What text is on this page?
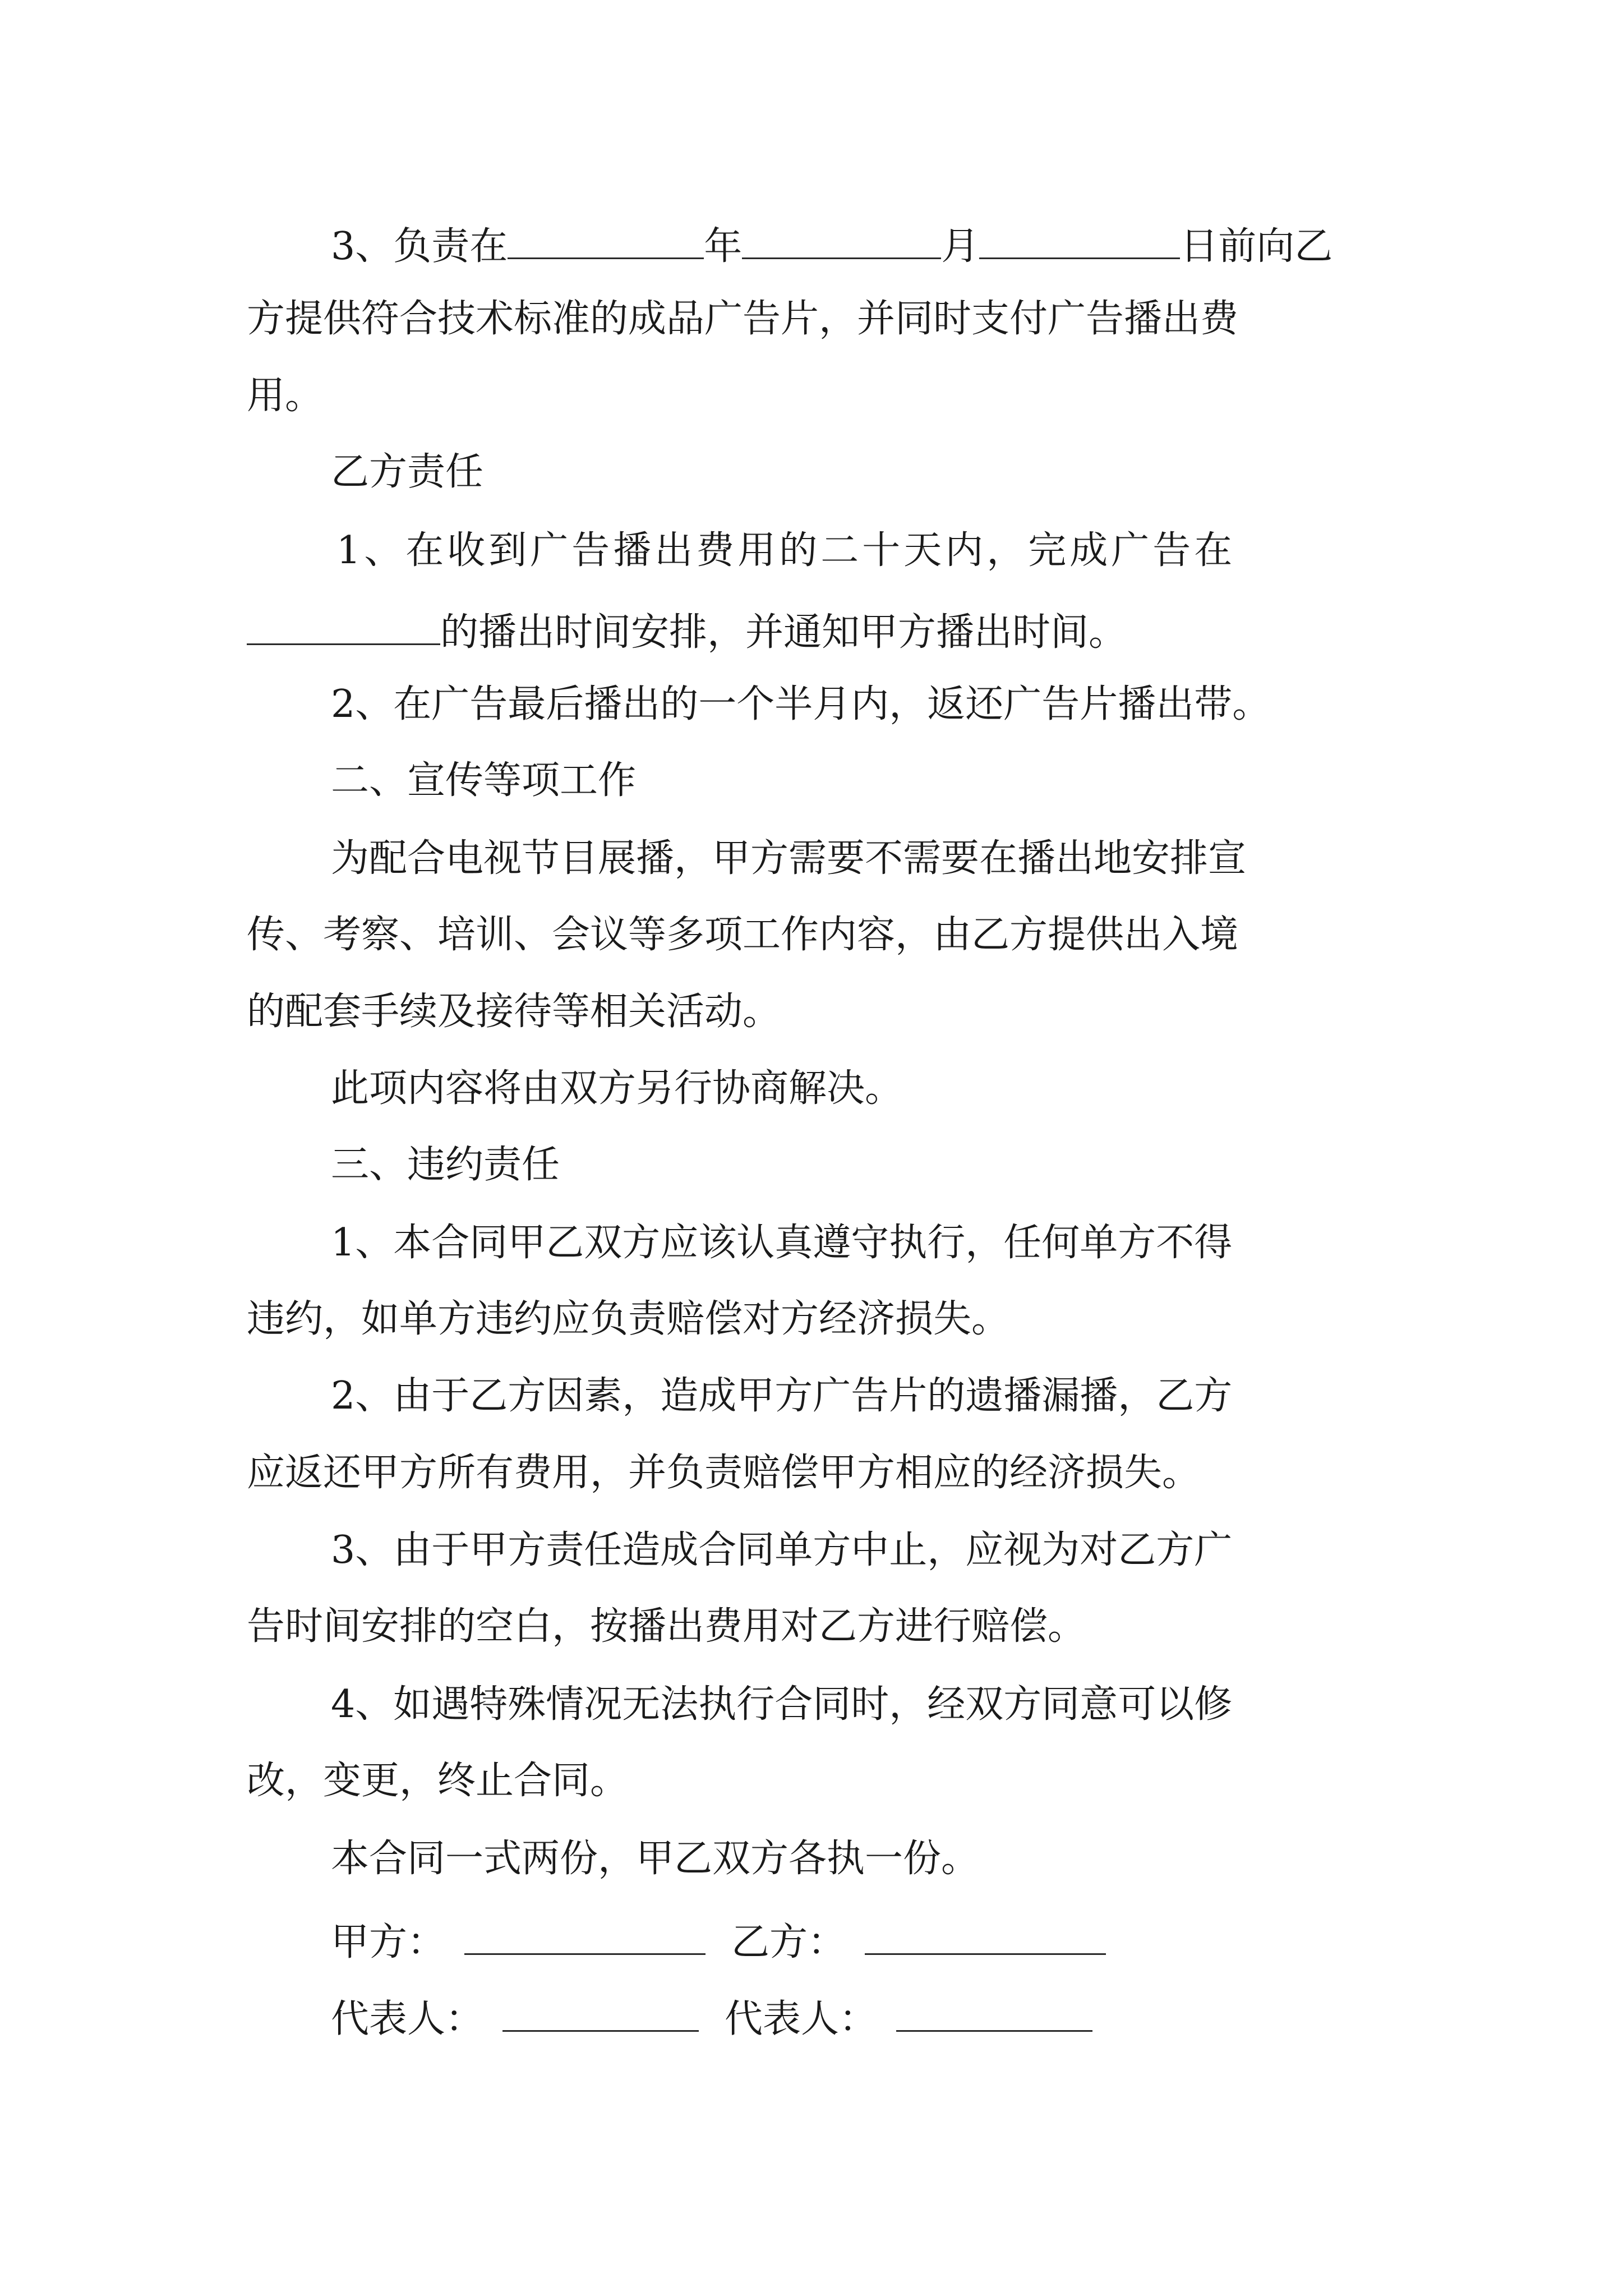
3、负责在	年	月	日前向乙
方提供符合技术标准的成品广告片，并同时支付广告播出费
用。
乙方责任
1、在收到广告播出费用的二十天内，完成广告在
的播出时间安排，并通知甲方播出时间。
2、在广告最后播出的一个半月内，返还广告片播出带。
二、宣传等项工作
为配合电视节目展播，甲方需要不需要在播出地安排宣
传、考察、培训、会议等多项工作内容，由乙方提供出入境
的配套手续及接待等相关活动。
此项内容将由双方另行协商解决。
三、违约责任
1、本合同甲乙双方应该认真遵守执行，任何单方不得
违约，如单方违约应负责赔偿对方经济损失。
2、由于乙方因素，造成甲方广告片的遗播漏播，乙方
应返还甲方所有费用，并负责赔偿甲方相应的经济损失。
3、由于甲方责任造成合同单方中止，应视为对乙方广
告时间安排的空白，按播出费用对乙方进行赔偿。
4、如遇特殊情况无法执行合同时，经双方同意可以修
改，变更，终止合同。
本合同一式两份，甲乙双方各执一份。
甲方：	乙方：
代表人：	代表人：
